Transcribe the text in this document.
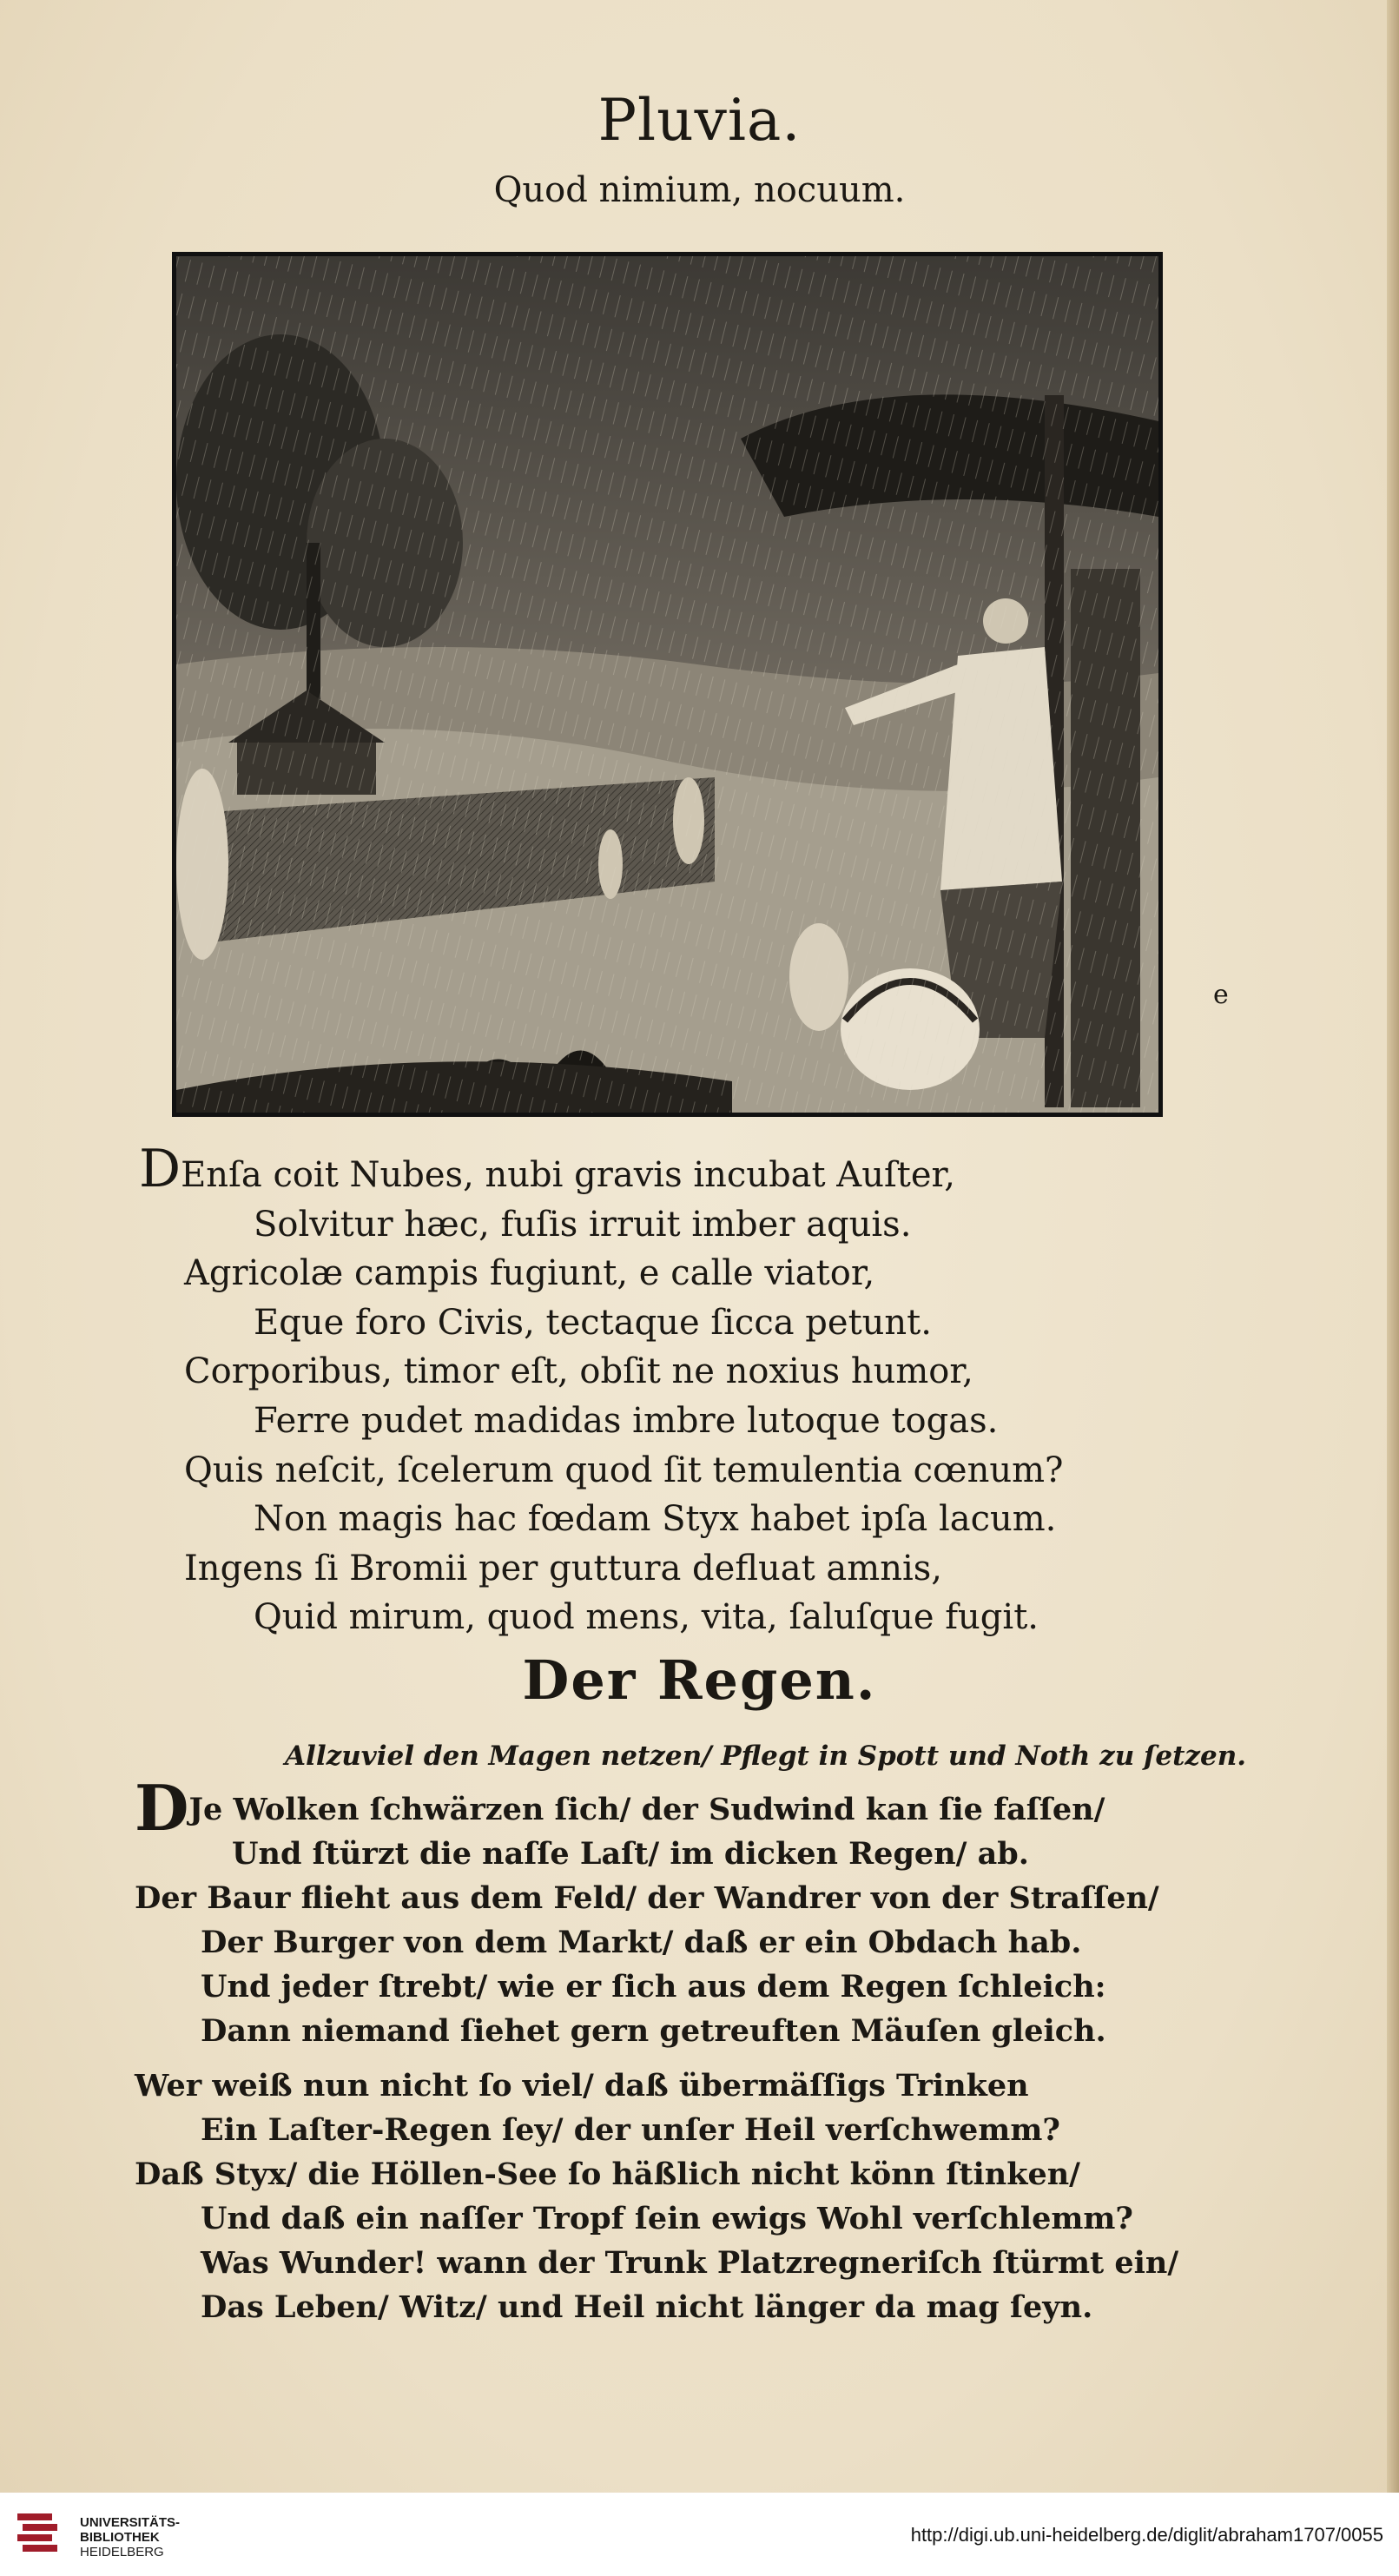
Pluvia.
Quod nimium, nocuum.
e
DEnſa coit Nubes, nubi gravis incubat Auſter,
Solvitur hæc, fuſis irruit imber aquis.
Agricolæ campis fugiunt, e calle viator,
Eque foro Civis, tectaque ſicca petunt.
Corporibus, timor eſt, obſit ne noxius humor,
Ferre pudet madidas imbre lutoque togas.
Quis neſcit, ſcelerum quod ſit temulentia cœnum?
Non magis hac fœdam Styx habet ipſa lacum.
Ingens ſi Bromii per guttura defluat amnis,
Quid mirum, quod mens, vita, ſaluſque fugit.
Der Regen.
Allzuviel den Magen netzen/ Pflegt in Spott und Noth zu ſetzen.
DJe Wolken ſchwärzen ſich/ der Sudwind kan ſie faſſen/
Und ſtürzt die naſſe Laſt/ im dicken Regen/ ab.
Der Baur flieht aus dem Feld/ der Wandrer von der Straſſen/
Der Burger von dem Markt/ daß er ein Obdach hab.
Und jeder ſtrebt/ wie er ſich aus dem Regen ſchleich:
Dann niemand ſiehet gern getreuften Mäuſen gleich.
Wer weiß nun nicht ſo viel/ daß übermäſſigs Trinken
Ein Laſter-Regen ſey/ der unſer Heil verſchwemm?
Daß Styx/ die Höllen-See ſo häßlich nicht könn ſtinken/
Und daß ein naſſer Tropf ſein ewigs Wohl verſchlemm?
Was Wunder! wann der Trunk Platzregneriſch ſtürmt ein/
Das Leben/ Witz/ und Heil nicht länger da mag ſeyn.
UNIVERSITÄTS-
BIBLIOTHEK
HEIDELBERG
http://digi.ub.uni-heidelberg.de/diglit/abraham1707/0055
